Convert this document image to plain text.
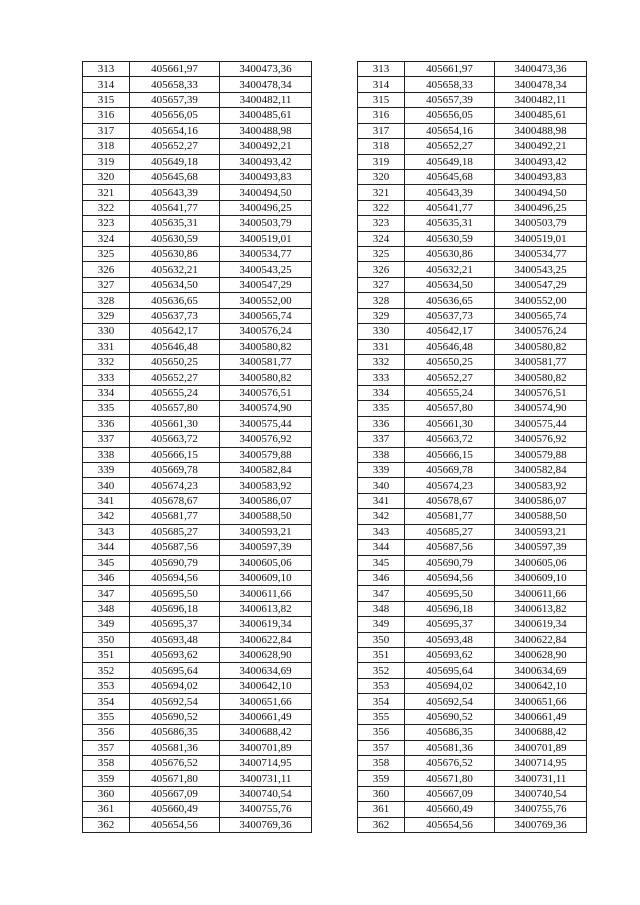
313	405661,97	3400473,36		313	405661,97	3400473,36
314	405658,33	3400478,34		314	405658,33	3400478,34
315	405657,39	3400482,11		315	405657,39	3400482,11
316	405656,05	3400485,61		316	405656,05	3400485,61
317	405654,16	3400488,98		317	405654,16	3400488,98
318	405652,27	3400492,21		318	405652,27	3400492,21
319	405649,18	3400493,42		319	405649,18	3400493,42
320	405645,68	3400493,83		320	405645,68	3400493,83
321	405643,39	3400494,50		321	405643,39	3400494,50
322	405641,77	3400496,25		322	405641,77	3400496,25
323	405635,31	3400503,79		323	405635,31	3400503,79
324	405630,59	3400519,01		324	405630,59	3400519,01
325	405630,86	3400534,77		325	405630,86	3400534,77
326	405632,21	3400543,25		326	405632,21	3400543,25
327	405634,50	3400547,29		327	405634,50	3400547,29
328	405636,65	3400552,00		328	405636,65	3400552,00
329	405637,73	3400565,74		329	405637,73	3400565,74
330	405642,17	3400576,24		330	405642,17	3400576,24
331	405646,48	3400580,82		331	405646,48	3400580,82
332	405650,25	3400581,77		332	405650,25	3400581,77
333	405652,27	3400580,82		333	405652,27	3400580,82
334	405655,24	3400576,51		334	405655,24	3400576,51
335	405657,80	3400574,90		335	405657,80	3400574,90
336	405661,30	3400575,44		336	405661,30	3400575,44
337	405663,72	3400576,92		337	405663,72	3400576,92
338	405666,15	3400579,88		338	405666,15	3400579,88
339	405669,78	3400582,84		339	405669,78	3400582,84
340	405674,23	3400583,92		340	405674,23	3400583,92
341	405678,67	3400586,07		341	405678,67	3400586,07
342	405681,77	3400588,50		342	405681,77	3400588,50
343	405685,27	3400593,21		343	405685,27	3400593,21
344	405687,56	3400597,39		344	405687,56	3400597,39
345	405690,79	3400605,06		345	405690,79	3400605,06
346	405694,56	3400609,10		346	405694,56	3400609,10
347	405695,50	3400611,66		347	405695,50	3400611,66
348	405696,18	3400613,82		348	405696,18	3400613,82
349	405695,37	3400619,34		349	405695,37	3400619,34
350	405693,48	3400622,84		350	405693,48	3400622,84
351	405693,62	3400628,90		351	405693,62	3400628,90
352	405695,64	3400634,69		352	405695,64	3400634,69
353	405694,02	3400642,10		353	405694,02	3400642,10
354	405692,54	3400651,66		354	405692,54	3400651,66
355	405690,52	3400661,49		355	405690,52	3400661,49
356	405686,35	3400688,42		356	405686,35	3400688,42
357	405681,36	3400701,89		357	405681,36	3400701,89
358	405676,52	3400714,95		358	405676,52	3400714,95
359	405671,80	3400731,11		359	405671,80	3400731,11
360	405667,09	3400740,54		360	405667,09	3400740,54
361	405660,49	3400755,76		361	405660,49	3400755,76
362	405654,56	3400769,36		362	405654,56	3400769,36
